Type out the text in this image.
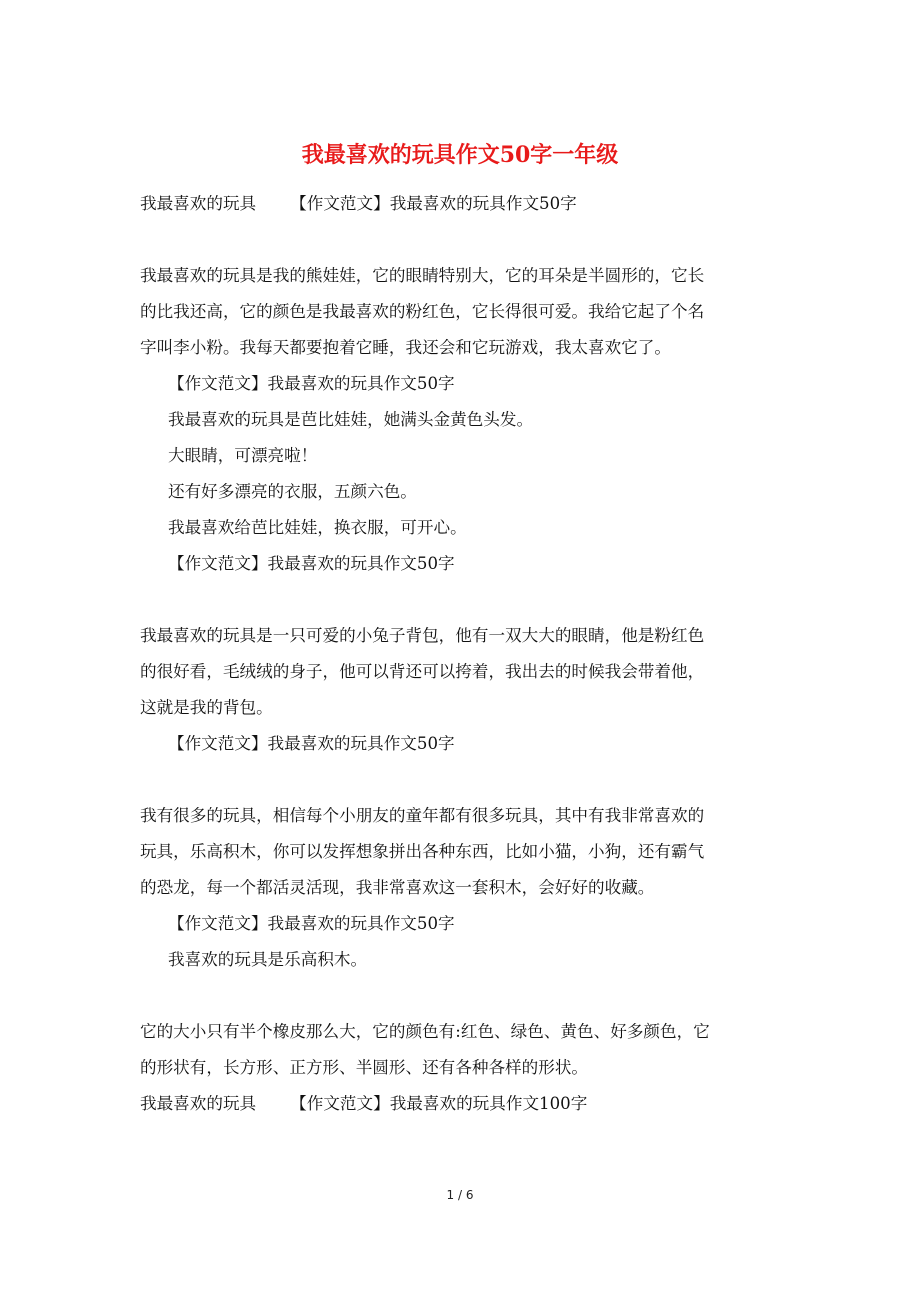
我最喜欢的玩具作文50字一年级
我最喜欢的玩具 【作文范文】我最喜欢的玩具作文50字
我最喜欢的玩具是我的熊娃娃，它的眼睛特别大，它的耳朵是半圆形的，它长
的比我还高，它的颜色是我最喜欢的粉红色，它长得很可爱。我给它起了个名
字叫李小粉。我每天都要抱着它睡，我还会和它玩游戏，我太喜欢它了。
【作文范文】我最喜欢的玩具作文50字
我最喜欢的玩具是芭比娃娃，她满头金黄色头发。
大眼睛，可漂亮啦！
还有好多漂亮的衣服，五颜六色。
我最喜欢给芭比娃娃，换衣服，可开心。
【作文范文】我最喜欢的玩具作文50字
我最喜欢的玩具是一只可爱的小兔子背包，他有一双大大的眼睛，他是粉红色
的很好看，毛绒绒的身子，他可以背还可以挎着，我出去的时候我会带着他，
这就是我的背包。
【作文范文】我最喜欢的玩具作文50字
我有很多的玩具，相信每个小朋友的童年都有很多玩具，其中有我非常喜欢的
玩具，乐高积木，你可以发挥想象拼出各种东西，比如小猫，小狗，还有霸气
的恐龙，每一个都活灵活现，我非常喜欢这一套积木，会好好的收藏。
【作文范文】我最喜欢的玩具作文50字
我喜欢的玩具是乐高积木。
它的大小只有半个橡皮那么大，它的颜色有:红色、绿色、黄色、好多颜色，它
的形状有，长方形、正方形、半圆形、还有各种各样的形状。
我最喜欢的玩具 【作文范文】我最喜欢的玩具作文100字
1 / 6
